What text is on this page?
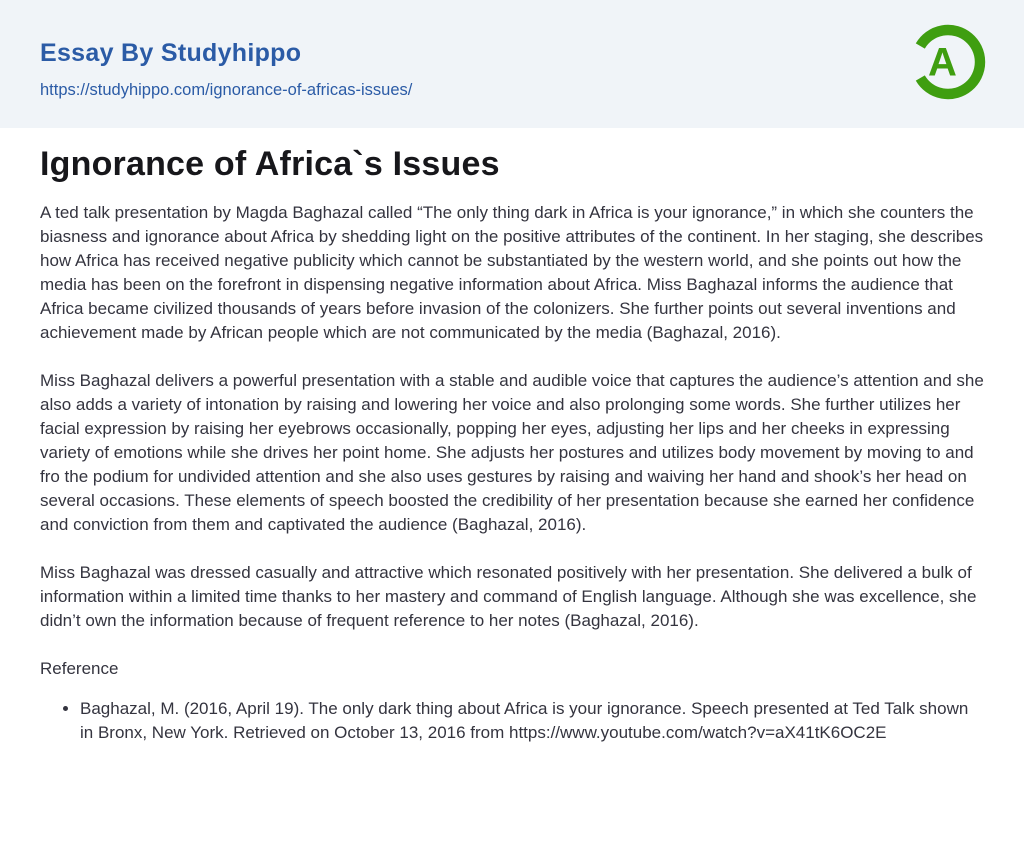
Essay By Studyhippo
https://studyhippo.com/ignorance-of-africas-issues/
A
Ignorance of Africa`s Issues

A ted talk presentation by Magda Baghazal called “The only thing dark in Africa is your ignorance,” in which she counters the biasness and ignorance about Africa by shedding light on the positive attributes of the continent. In her staging, she describes how Africa has received negative publicity which cannot be substantiated by the western world, and she points out how the media has been on the forefront in dispensing negative information about Africa. Miss Baghazal informs the audience that Africa became civilized thousands of years before invasion of the colonizers. She further points out several inventions and achievement made by African people which are not communicated by the media (Baghazal, 2016).

Miss Baghazal delivers a powerful presentation with a stable and audible voice that captures the audience’s attention and she also adds a variety of intonation by raising and lowering her voice and also prolonging some words. She further utilizes her facial expression by raising her eyebrows occasionally, popping her eyes, adjusting her lips and her cheeks in expressing variety of emotions while she drives her point home. She adjusts her postures and utilizes body movement by moving to and fro the podium for undivided attention and she also uses gestures by raising and waiving her hand and shook’s her head on several occasions. These elements of speech boosted the credibility of her presentation because she earned her confidence and conviction from them and captivated the audience (Baghazal, 2016).

Miss Baghazal was dressed casually and attractive which resonated positively with her presentation. She delivered a bulk of information within a limited time thanks to her mastery and command of English language. Although she was excellence, she didn’t own the information because of frequent reference to her notes (Baghazal, 2016).

Reference

• Baghazal, M. (2016, April 19). The only dark thing about Africa is your ignorance. Speech presented at Ted Talk shown in Bronx, New York. Retrieved on October 13, 2016 from https://www.youtube.com/watch?v=aX41tK6OC2E
